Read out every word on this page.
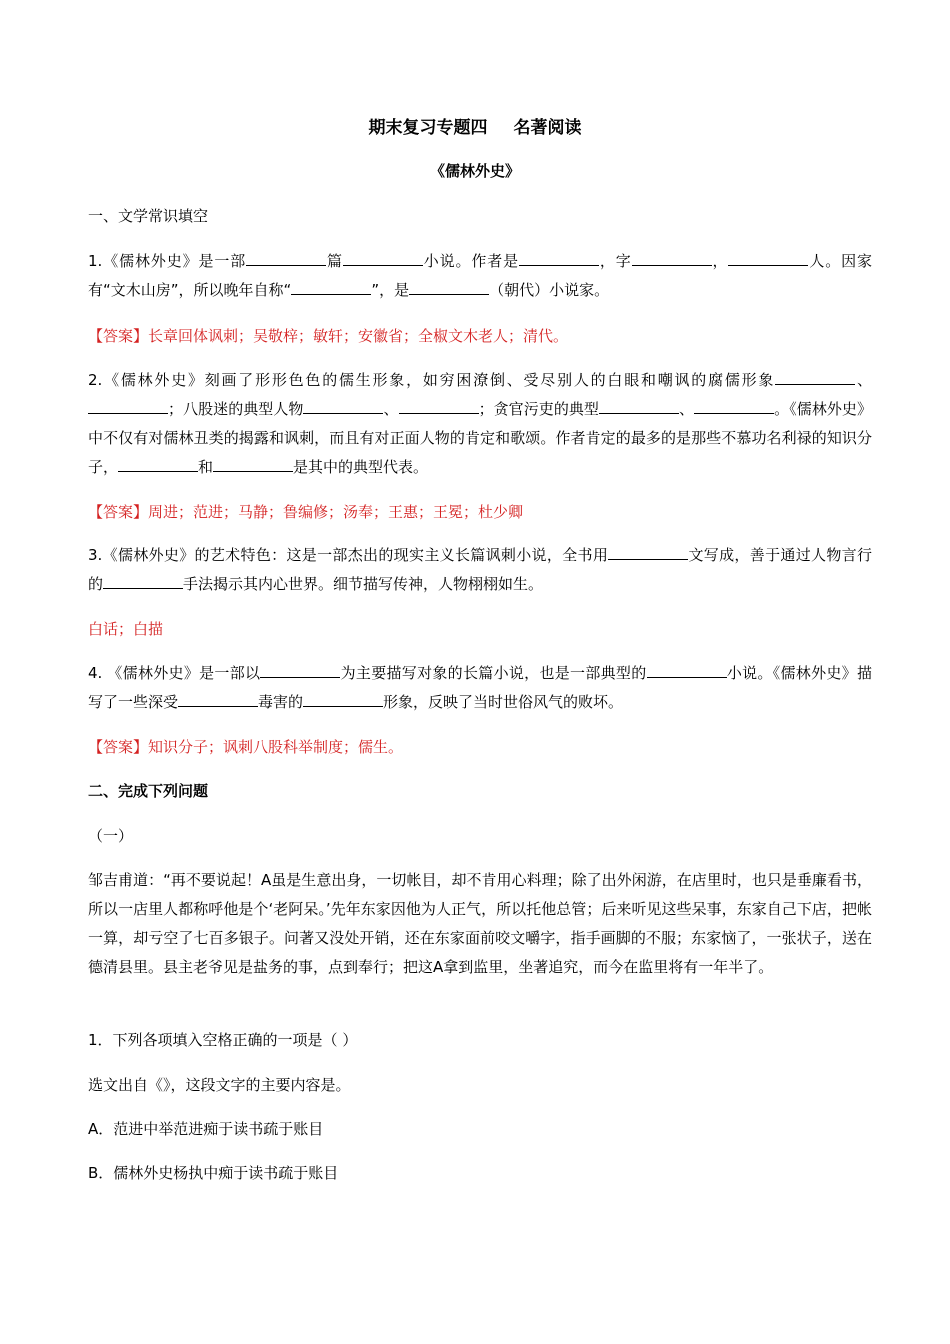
期末复习专题四 名著阅读
《儒林外史》
一、文学常识填空
1.《儒林外史》是一部	篇	小说。作者是	，字	，	人。因家有“文木山房”，所以晚年自称“	”，是	（朝代）小说家。
【答案】长章回体讽刺；吴敬梓；敏轩；安徽省；全椒文木老人；清代。
2.《儒林外史》刻画了形形色色的儒生形象，如穷困潦倒、受尽别人的白眼和嘲讽的腐儒形象	、；八股迷的典型人物	、	；贪官污吏的典型	、	。《儒林外史》中不仅有对儒林丑类的揭露和讽刺，而且有对正面人物的肯定和歌颂。作者肯定的最多的是那些不慕功名利禄的知识分子，	和	是其中的典型代表。
【答案】周进；范进；马静；鲁编修；汤奉；王惠；王冕；杜少卿
3.《儒林外史》的艺术特色：这是一部杰出的现实主义长篇讽刺小说，全书用	文写成，善于通过人物言行的	手法揭示其内心世界。细节描写传神，人物栩栩如生。
白话；白描
4. 《儒林外史》是一部以	为主要描写对象的长篇小说，也是一部典型的	小说。《儒林外史》描写了一些深受	毒害的	形象，反映了当时世俗风气的败坏。
【答案】知识分子；讽刺八股科举制度；儒生。
二、完成下列问题
（一）
邹吉甫道：“再不要说起！A虽是生意出身，一切帐目，却不肯用心料理；除了出外闲游，在店里时，也只是垂廉看书，所以一店里人都称呼他是个‘老阿呆。’先年东家因他为人正气，所以托他总管；后来听见这些呆事，东家自己下店，把帐一算，却亏空了七百多银子。问著又没处开销，还在东家面前咬文嚼字，指手画脚的不服；东家恼了，一张状子，送在德清县里。县主老爷见是盐务的事，点到奉行；把这A拿到监里，坐著追究，而今在监里将有一年半了。
1．下列各项填入空格正确的一项是（ ）
选文出自《》，这段文字的主要内容是。
A．范进中举范进痴于读书疏于账目
B．儒林外史杨执中痴于读书疏于账目
